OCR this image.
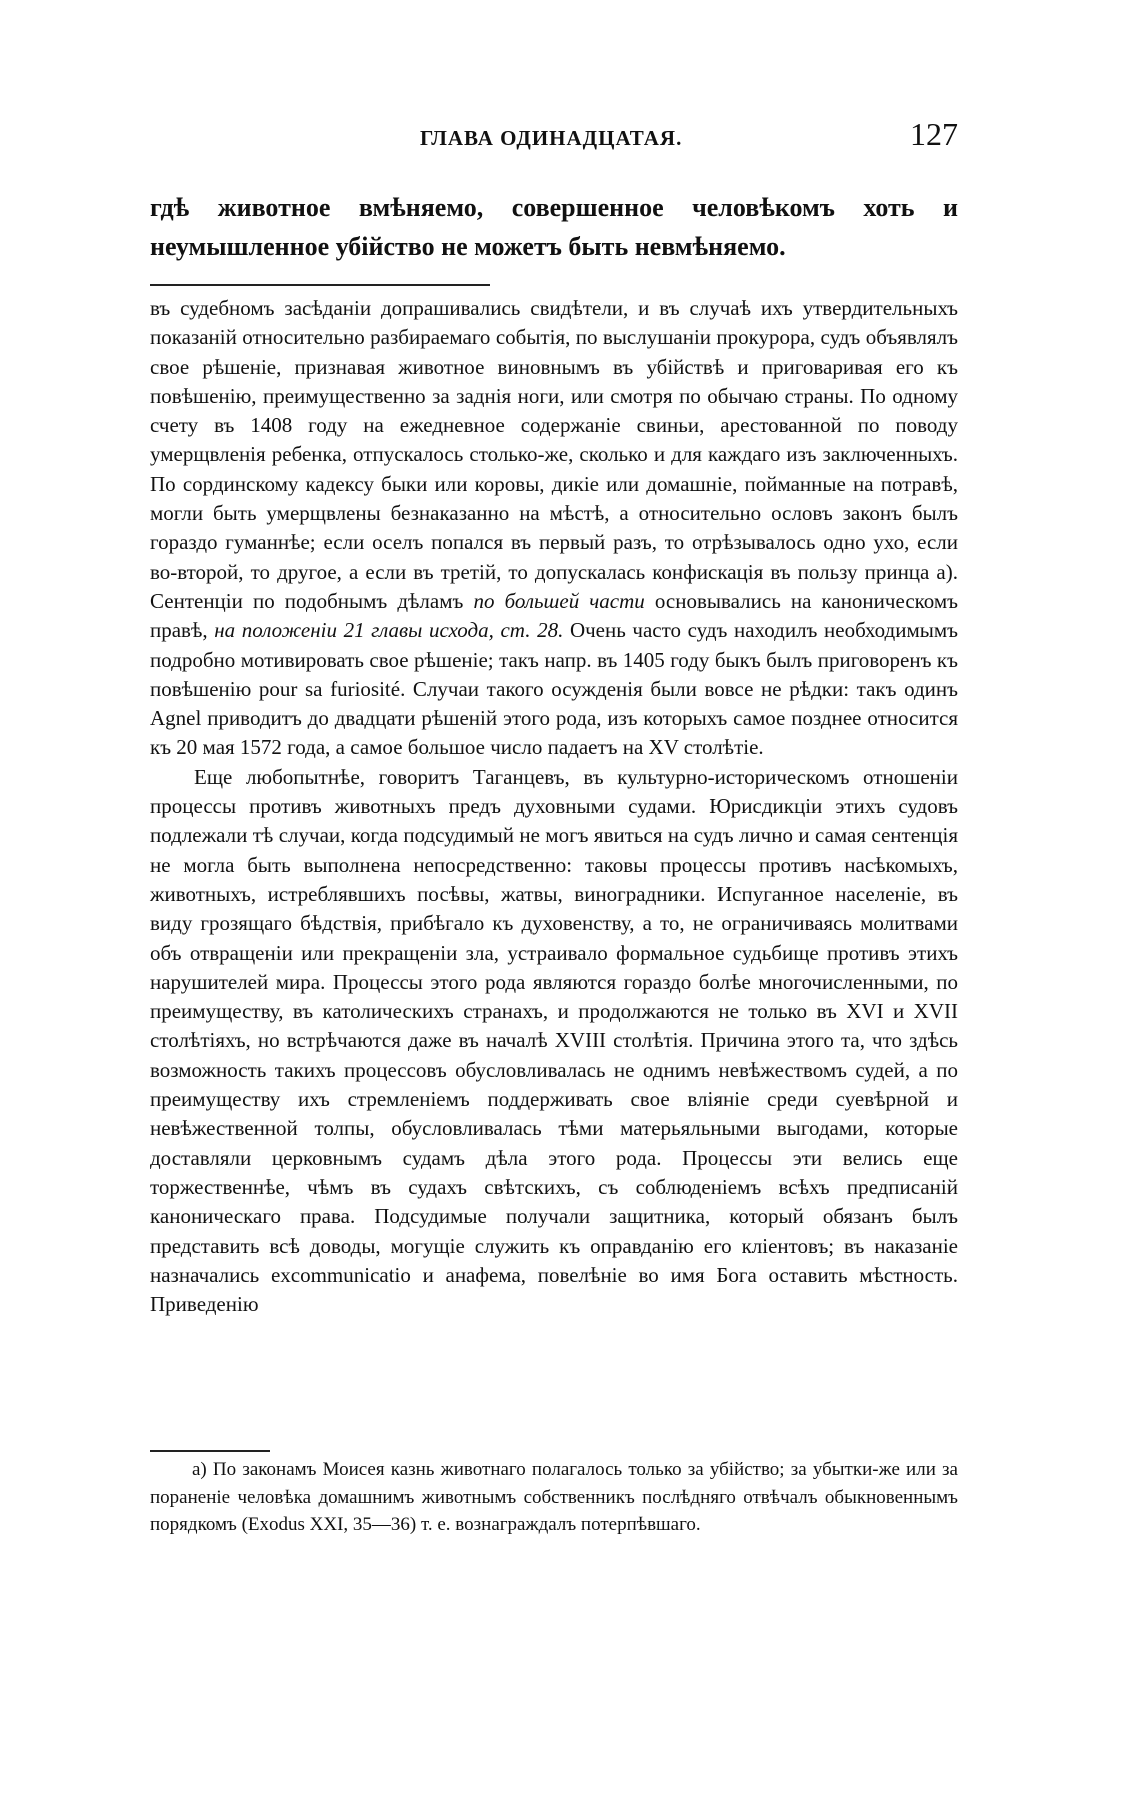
ГЛАВА ОДИНАДЦАТАЯ.	127
гдѣ животное вмѣняемо, совершенное человѣкомъ хоть и неумышленное убійство не можетъ быть невмѣняемо.

въ судебномъ засѣданіи допрашивались свидѣтели, и въ случаѣ ихъ утвердительныхъ показаній относительно разбираемаго событія, по выслушаніи прокурора, судъ объявлялъ свое рѣшеніе, признавая животное виновнымъ въ убійствѣ и приговаривая его къ повѣшенію, преимущественно за заднія ноги, или смотря по обычаю страны. По одному счету въ 1408 году на ежедневное содержаніе свиньи, арестованной по поводу умерщвленія ребенка, отпускалось столько-же, сколько и для каждаго изъ заключенныхъ. По сординскому кадексу быки или коровы, дикіе или домашніе, пойманные на потравѣ, могли быть умерщвлены безнаказанно на мѣстѣ, а относительно ословъ законъ былъ гораздо гуманнѣе; если оселъ попался въ первый разъ, то отрѣзывалось одно ухо, если во-второй, то другое, а если въ третій, то допускалась конфискація въ пользу принца а). Сентенціи по подобнымъ дѣламъ по большей части основывались на каноническомъ правѣ, на положеніи 21 главы исхода, ст. 28. Очень часто судъ находилъ необходимымъ подробно мотивировать свое рѣшеніе; такъ напр. въ 1405 году быкъ былъ приговоренъ къ повѣшенію pour sa furiosité. Случаи такого осужденія были вовсе не рѣдки: такъ одинъ Agnel приводитъ до двадцати рѣшеній этого рода, изъ которыхъ самое позднее относится къ 20 мая 1572 года, а самое большое число падаетъ на XV столѣтіе.

Еще любопытнѣе, говоритъ Таганцевъ, въ культурно-историческомъ отношеніи процессы противъ животныхъ предъ духовными судами. Юрисдикціи этихъ судовъ подлежали тѣ случаи, когда подсудимый не могъ явиться на судъ лично и самая сентенція не могла быть выполнена непосредственно: таковы процессы противъ насѣкомыхъ, животныхъ, истреблявшихъ посѣвы, жатвы, виноградники. Испуганное населеніе, въ виду грозящаго бѣдствія, прибѣгало къ духовенству, а то, не ограничиваясь молитвами объ отвращеніи или прекращеніи зла, устраивало формальное судьбище противъ этихъ нарушителей мира. Процессы этого рода являются гораздо болѣе многочисленными, по преимуществу, въ католическихъ странахъ, и продолжаются не только въ XVI и XVII столѣтіяхъ, но встрѣчаются даже въ началѣ XVIII столѣтія. Причина этого та, что здѣсь возможность такихъ процессовъ обусловливалась не однимъ невѣжествомъ судей, а по преимуществу ихъ стремленіемъ поддерживать свое вліяніе среди суевѣрной и невѣжественной толпы, обусловливалась тѣми матерьяльными выгодами, которые доставляли церковнымъ судамъ дѣла этого рода. Процессы эти велись еще торжественнѣе, чѣмъ въ судахъ свѣтскихъ, съ соблюденіемъ всѣхъ предписаній каноническаго права. Подсудимые получали защитника, который обязанъ былъ представить всѣ доводы, могущіе служить къ оправданію его кліентовъ; въ наказаніе назначались excommunicatio и анафема, повелѣніе во имя Бога оставить мѣстность. Приведенію

а) По законамъ Моисея казнь животнаго полагалось только за убійство; за убытки-же или за пораненіе человѣка домашнимъ животнымъ собственникъ послѣдняго отвѣчалъ обыкновеннымъ порядкомъ (Exodus XXI, 35—36) т. е. вознаграждалъ потерпѣвшаго.
